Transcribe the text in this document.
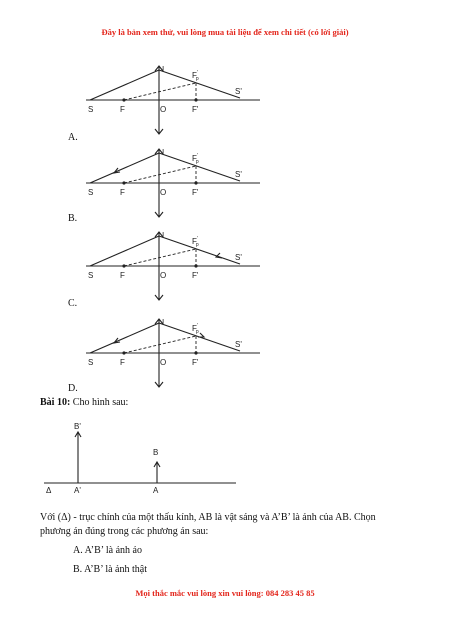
Đây là bản xem thử, vui lòng mua tài liệu để xem chi tiết (có lời giải)
S	F	O	F'
S'
I
F' p
A.
S	F	O	F'
S'
I
F' p
B.
S	F	O	F'
S'
I
F' p
C.
S	F	O	F'
S'
I
F' p
D.
Bài 10: Cho hình sau:
B'
B
Δ	A'	A
Với (Δ) - trục chính của một thấu kính, AB là vật sáng và A’B’ là ảnh của AB. Chọn
phương án đúng trong các phương án sau:
A. A’B’ là ảnh ảo
B. A’B’ là ảnh thật
Mọi thắc mắc vui lòng xin vui lòng: 084 283 45 85
